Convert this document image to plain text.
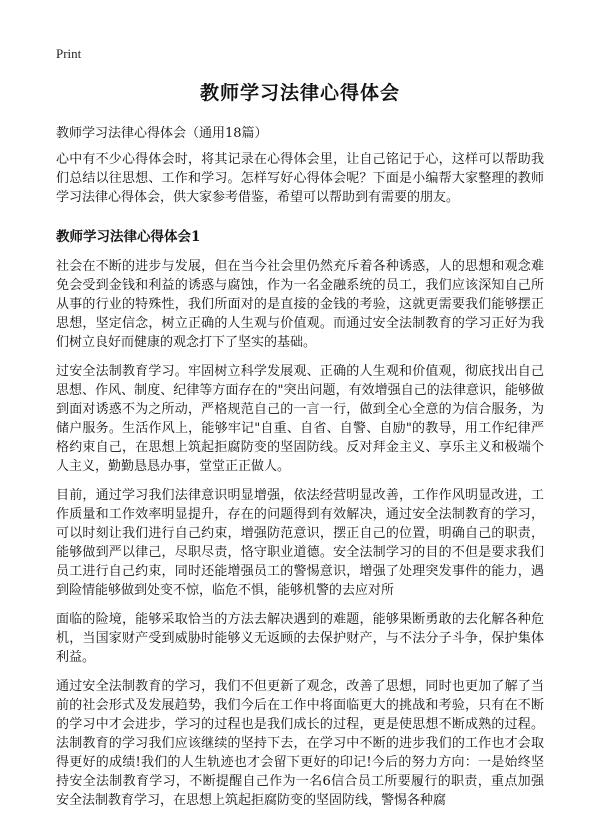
Print
教师学习法律心得体会
教师学习法律心得体会（通用18篇）

心中有不少心得体会时，将其记录在心得体会里，让自己铭记于心，这样可以帮助我们总结以往思想、工作和学习。怎样写好心得体会呢？下面是小编帮大家整理的教师学习法律心得体会，供大家参考借鉴，希望可以帮助到有需要的朋友。

教师学习法律心得体会1

社会在不断的进步与发展，但在当今社会里仍然充斥着各种诱惑，人的思想和观念难免会受到金钱和利益的诱惑与腐蚀，作为一名金融系统的员工，我们应该深知自己所从事的行业的特殊性，我们所面对的是直接的金钱的考验，这就更需要我们能够摆正思想，坚定信念，树立正确的人生观与价值观。而通过安全法制教育的学习正好为我们树立良好而健康的观念打下了坚实的基础。

过安全法制教育学习。牢固树立科学发展观、正确的人生观和价值观，彻底找出自己思想、作风、制度、纪律等方面存在的"突出问题，有效增强自己的法律意识，能够做到面对诱惑不为之所动，严格规范自己的一言一行，做到全心全意的为信合服务，为储户服务。生活作风上，能够牢记"自重、自省、自警、自励"的教导，用工作纪律严格约束自己，在思想上筑起拒腐防变的坚固防线。反对拜金主义、享乐主义和极端个人主义，勤勤恳恳办事，堂堂正正做人。

目前，通过学习我们法律意识明显增强，依法经营明显改善，工作作风明显改进，工作质量和工作效率明显提升，存在的问题得到有效解决，通过安全法制教育的学习，可以时刻让我们进行自己约束，增强防范意识，摆正自己的位置，明确自己的职责，能够做到严以律己，尽职尽责，恪守职业道德。安全法制学习的目的不但是要求我们员工进行自己约束，同时还能增强员工的警惕意识，增强了处理突发事件的能力，遇到险情能够做到处变不惊，临危不惧，能够机警的去应对所

面临的险境，能够采取恰当的方法去解决遇到的难题，能够果断勇敢的去化解各种危机，当国家财产受到威胁时能够义无返顾的去保护财产，与不法分子斗争，保护集体利益。

通过安全法制教育的学习，我们不但更新了观念，改善了思想，同时也更加了解了当前的社会形式及发展趋势，我们今后在工作中将面临更大的挑战和考验，只有在不断的学习中才会进步，学习的过程也是我们成长的过程，更是使思想不断成熟的过程。法制教育的学习我们应该继续的坚持下去，在学习中不断的进步我们的工作也才会取得更好的成绩!我们的人生轨迹也才会留下更好的印记!今后的努力方向：一是始终坚持安全法制教育学习，不断提醒自己作为一名6信合员工所要履行的职责，重点加强安全法制教育学习，在思想上筑起拒腐防变的坚固防线，警惕各种腐
